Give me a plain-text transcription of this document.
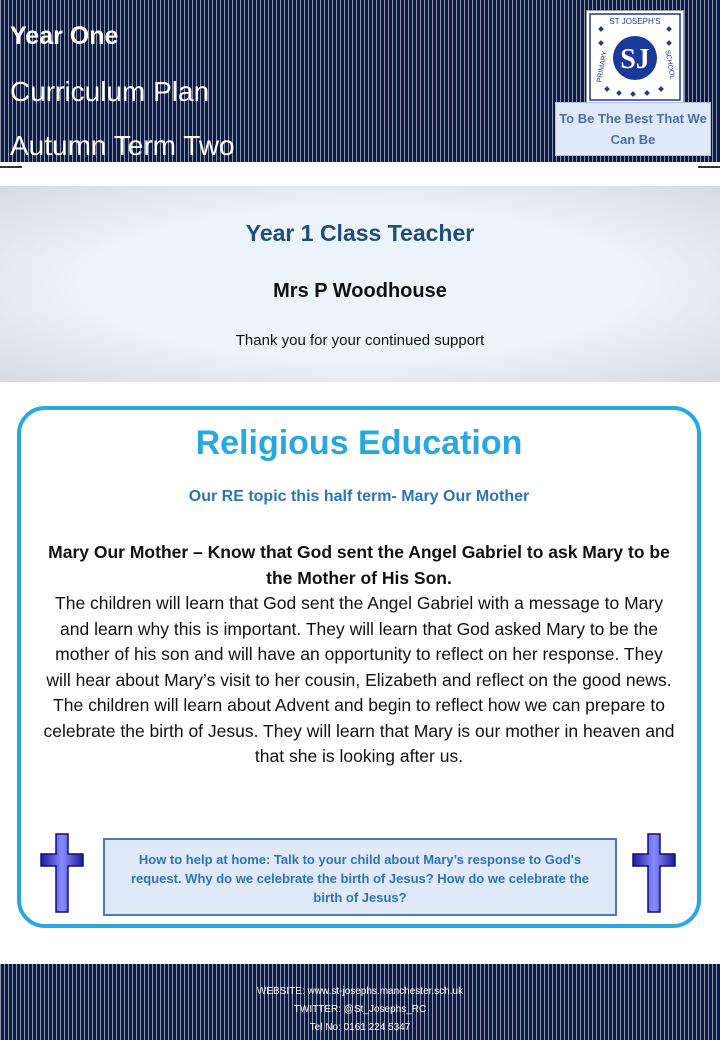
Year One
Curriculum Plan
Autumn Term Two
ST JOSEPH'S
PRIMARY	SCHOOL
SJ
To Be The Best That We Can Be
Year 1 Class Teacher
Mrs P Woodhouse
Thank you for your continued support
Religious Education
Our RE topic this half term- Mary Our Mother
Mary Our Mother – Know that God sent the Angel Gabriel to ask Mary to be the Mother of His Son.
The children will learn that God sent the Angel Gabriel with a message to Mary and learn why this is important. They will learn that God asked Mary to be the mother of his son and will have an opportunity to reflect on her response. They will hear about Mary’s visit to her cousin, Elizabeth and reflect on the good news. The children will learn about Advent and begin to reflect how we can prepare to celebrate the birth of Jesus. They will learn that Mary is our mother in heaven and that she is looking after us.
How to help at home: Talk to your child about Mary’s response to God's request. Why do we celebrate the birth of Jesus? How do we celebrate the birth of Jesus?
WEBSITE: www.st-josephs.manchester.sch.uk
TWITTER: @St_Josephs_RC
Tel No: 0161 224 5347
